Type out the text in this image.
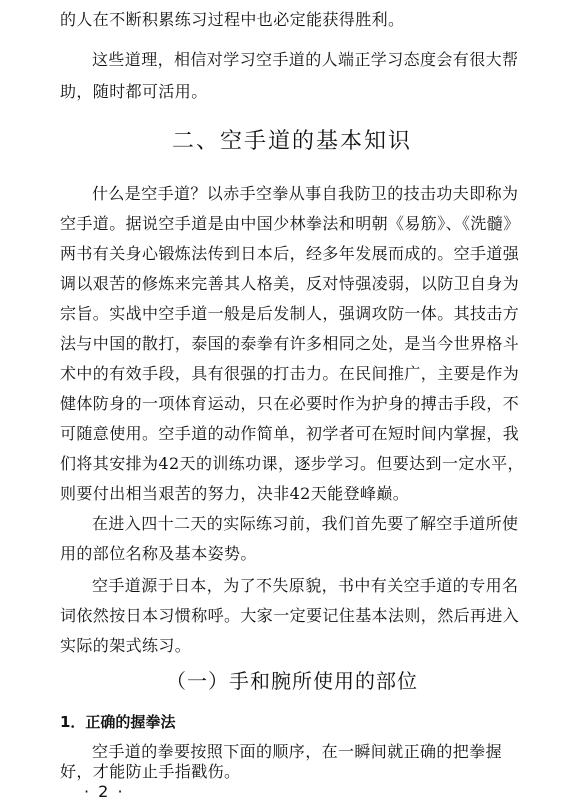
的人在不断积累练习过程中也必定能获得胜利。
这些道理，相信对学习空手道的人端正学习态度会有很大帮
助，随时都可活用。
二、空手道的基本知识
什么是空手道？以赤手空拳从事自我防卫的技击功夫即称为
空手道。据说空手道是由中国少林拳法和明朝《易筋》、《洗髓》
两书有关身心锻炼法传到日本后，经多年发展而成的。空手道强
调以艰苦的修炼来完善其人格美，反对恃强凌弱，以防卫自身为
宗旨。实战中空手道一般是后发制人，强调攻防一体。其技击方
法与中国的散打，泰国的泰拳有许多相同之处，是当今世界格斗
术中的有效手段，具有很强的打击力。在民间推广，主要是作为
健体防身的一项体育运动，只在必要时作为护身的搏击手段，不
可随意使用。空手道的动作简单，初学者可在短时间内掌握，我
们将其安排为42天的训练功课，逐步学习。但要达到一定水平，
则要付出相当艰苦的努力，决非42天能登峰巅。
在进入四十二天的实际练习前，我们首先要了解空手道所使
用的部位名称及基本姿势。
空手道源于日本，为了不失原貌，书中有关空手道的专用名
词依然按日本习惯称呼。大家一定要记住基本法则，然后再进入
实际的架式练习。
（一）手和腕所使用的部位
1．正确的握拳法
空手道的拳要按照下面的顺序，在一瞬间就正确的把拳握
· 2 ·
好，才能防止手指戳伤。
